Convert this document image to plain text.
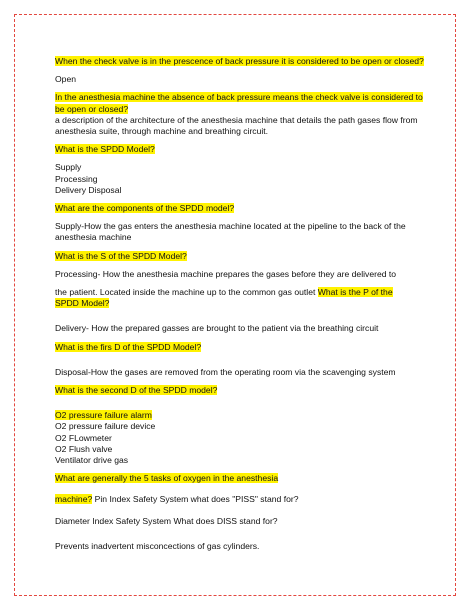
When the check valve is in the prescence of back pressure it is considered to be open or closed?

Open

In the anesthesia machine the absence of back pressure means the check valve is considered to be open or closed?

a description of the architecture of the anesthesia machine that details the path gases flow from anesthesia suite, through machine and breathing circuit.

What is the SPDD Model?

Supply

Processing

Delivery Disposal

What are the components of the SPDD model?

Supply-How the gas enters the anesthesia machine located at the pipeline to the back of the anesthesia machine

What is the S of the SPDD Model?

Processing- How the anesthesia machine prepares the gases before they are delivered to

the patient. Located inside the machine up to the common gas outlet What is the P of the

SPDD Model?

Delivery- How the prepared gasses are brought to the patient via the breathing circuit

What is the firs D of the SPDD Model?

Disposal-How the gases are removed from the operating room via the scavenging system

What is the second D of the SPDD model?

O2 pressure failure alarm

O2 pressure failure device

O2 FLowmeter

O2 Flush valve

Ventilator drive gas

What are generally the 5 tasks of oxygen in the anesthesia

machine? Pin Index Safety System what does "PISS" stand for?

Diameter Index Safety System What does DISS stand for?

Prevents inadvertent misconcections of gas cylinders.
